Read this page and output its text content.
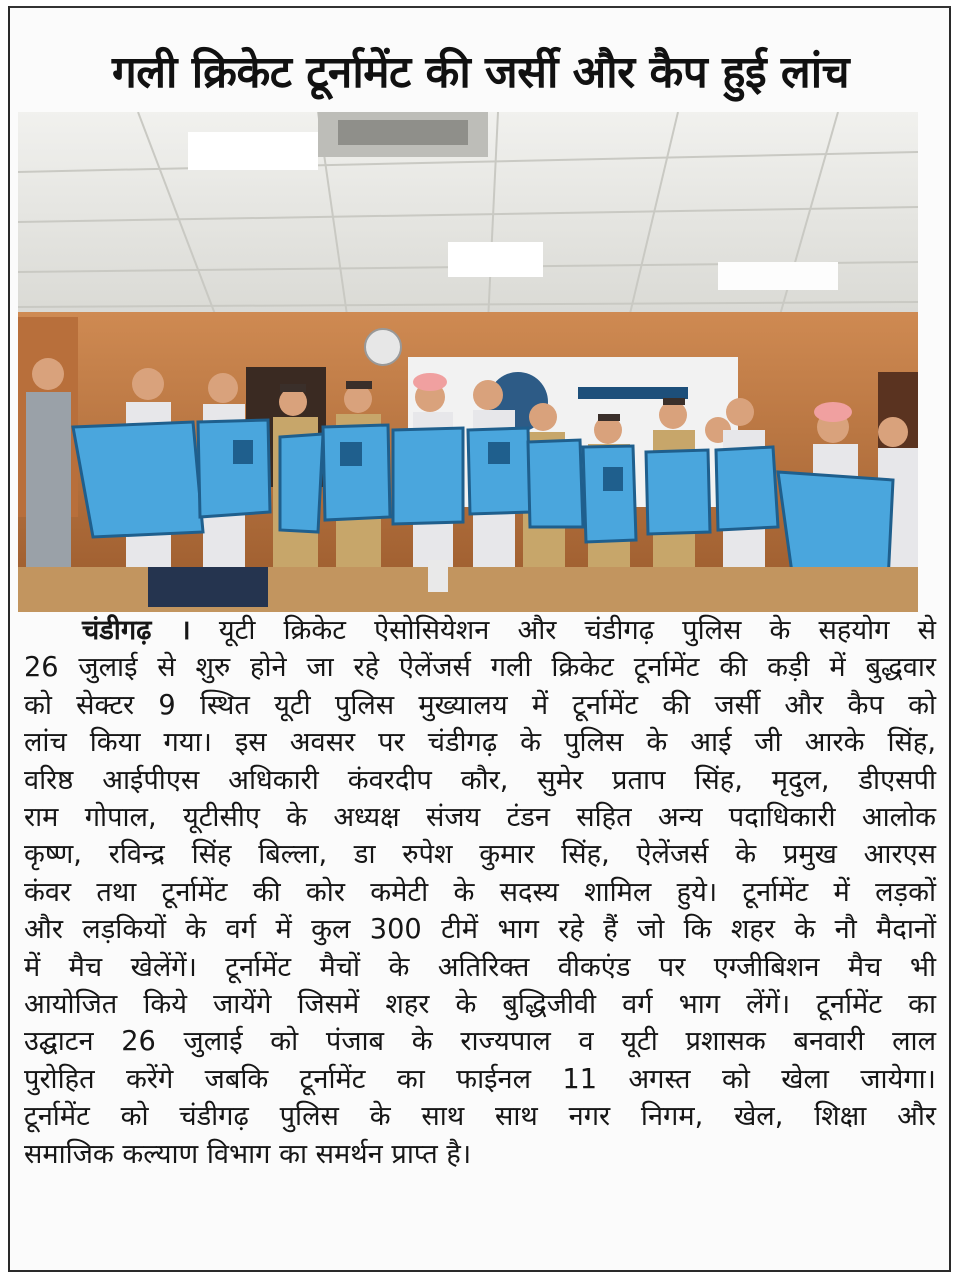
गली क्रिकेट टूर्नामेंट की जर्सी और कैप हुई लांच
चंडीगढ़ । यूटी क्रिकेट ऐसोसियेशन और चंडीगढ़ पुलिस के सहयोग से
26 जुलाई से शुरु होने जा रहे ऐलेंजर्स गली क्रिकेट टूर्नामेंट की कड़ी में बुद्धवार
को सेक्टर 9 स्थित यूटी पुलिस मुख्यालय में टूर्नामेंट की जर्सी और कैप को
लांच किया गया। इस अवसर पर चंडीगढ़ के पुलिस के आई जी आरके सिंह,
वरिष्ठ आईपीएस अधिकारी कंवरदीप कौर, सुमेर प्रताप सिंह, मृदुल, डीएसपी
राम गोपाल, यूटीसीए के अध्यक्ष संजय टंडन सहित अन्य पदाधिकारी आलोक
कृष्ण, रविन्द्र सिंह बिल्ला, डा रुपेश कुमार सिंह, ऐलेंजर्स के प्रमुख आरएस
कंवर तथा टूर्नामेंट की कोर कमेटी के सदस्य शामिल हुये। टूर्नामेंट में लड़कों
और लड़कियों के वर्ग में कुल 300 टीमें भाग रहे हैं जो कि शहर के नौ मैदानों
में मैच खेलेंगें। टूर्नामेंट मैचों के अतिरिक्त वीकएंड पर एग्जीबिशन मैच भी
आयोजित किये जायेंगे जिसमें शहर के बुद्धिजीवी वर्ग भाग लेंगें। टूर्नामेंट का
उद्घाटन 26 जुलाई को पंजाब के राज्यपाल व यूटी प्रशासक बनवारी लाल
पुरोहित करेंगे जबकि टूर्नामेंट का फाईनल 11 अगस्त को खेला जायेगा।
टूर्नामेंट को चंडीगढ़ पुलिस के साथ साथ नगर निगम, खेल, शिक्षा और
समाजिक कल्याण विभाग का समर्थन प्राप्त है।
